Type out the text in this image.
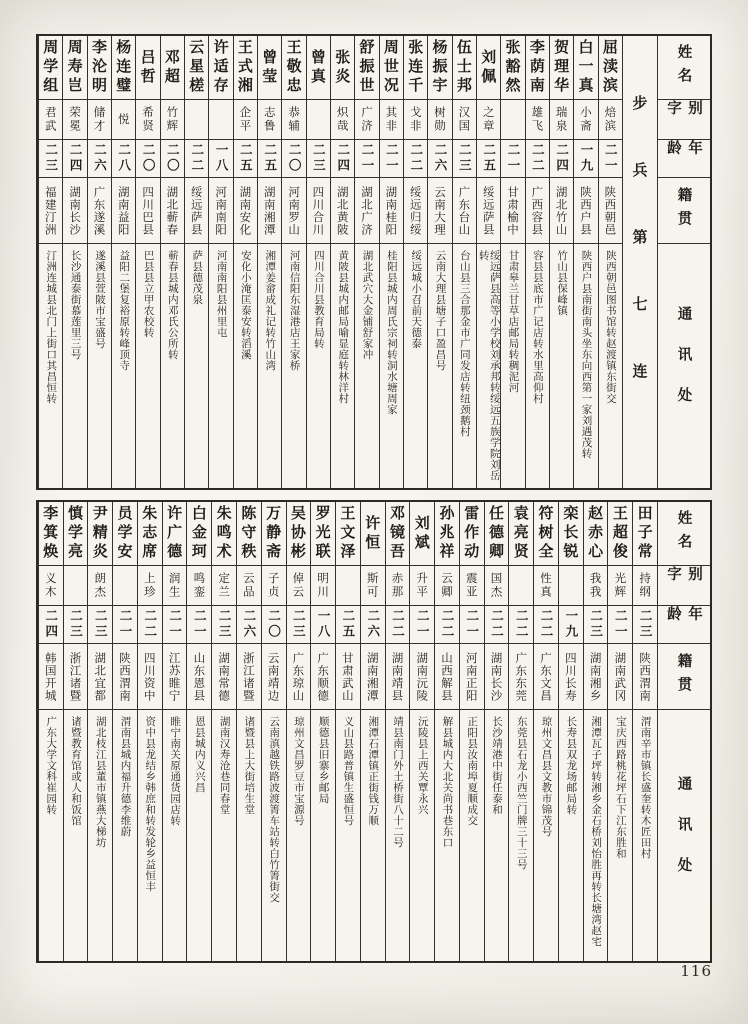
姓名
别字
年龄
籍贯
通讯处
步兵第七连
屈渎滨
焙滨
二一
陕西朝邑
陕西朝邑图书馆转赵渡镇东街交
白一真
小斋
一九
陕西户县
陕西户县南街南头坐东向西第一家刘遇茂转
贺理华
瑞泉
二四
湖北竹山
竹山县保峰镇
李荫南
雄飞
二二
广西容县
容县县底市广记店转水里高仰村
张豁然
二一
甘肃榆中
甘肃皋兰甘草店邮局转稠泥河
刘佩
之章
二五
绥远萨县
绥远萨县高等小学校刘承邦转绥远五族学院刘岳转
伍士邦
汉国
二三
广东台山
台山县三合那金市广同发店转纽颈鹅村
杨振宇
树勋
二六
云南大理
云南大理县塘子口盈昌号
张连千
戈非
二二
绥远归绥
绥远城小召前天德泰
周世况
其非
二一
湖南桂阳
桂阳县城内周氏宗祠转洞水塘周家
舒振世
广济
二一
湖北广济
湖北武穴大金铺舒家冲
张炎
炽哉
二四
湖北黄陂
黄陂县城内邮局喻显庭转林洋村
曾真
二三
四川合川
四川合川县教育局转
王敬忠
恭辅
二〇
河南罗山
河南信阳东湿港店王家桥
曾莹
志鲁
二五
湖南湘潭
湘潭姜畲成礼记转竹山湾
王式湘
企平
二五
湖南安化
安化小淹匡泰安转滔溪
许适存
一八
河南南阳
河南南阳县州里屯
云星槎
二二
绥远萨县
萨县德茂泉
邓超
竹辉
二〇
湖北蕲春
蕲春县城内邓氏公所转
吕哲
希贤
二〇
四川巴县
巴县县立甲农校转
杨连璧
悦
二八
湖南益阳
益阳二堡复裕原转峰顶寺
李沦明
储才
二六
广东遂溪
遂溪县萱陂市宝盛号
周寿岂
荣冕
二四
湖南长沙
长沙通泰街慕莲里三号
周学组
君武
二三
福建汀洲
汀洲连城县北门上街口其昌恒转
姓名
别字
年龄
籍贯
通讯处
田子常
持纲
二三
陕西渭南
渭南辛市镇长盛奎转木匠田村
王超俊
光辉
二一
湖南武冈
宝庆西路桃花坪石下江东胜和
赵赤心
我我
二三
湖南湘乡
湘潭瓦子坪转湘乡金石桥刘怡胜再转长塘湾赵宅
栾长锐
一九
四川长寿
长寿县双龙场邮局转
符树全
性真
二二
广东文昌
琼州文昌县文教市锦茂号
袁亮贤
二二
广东东莞
东莞县石龙小西竺门牌三十三号
任德卿
国杰
二二
湖南长沙
长沙靖港中街任泰和
雷作动
震亚
二一
河南正阳
正阳县汝南埠夏顺成交
孙兆祥
云卿
二二
山西解县
解县城内大北关尚书巷东口
刘斌
升平
二一
湖南沅陵
沅陵县上西关覃永兴
邓镜吾
赤那
二二
湖南靖县
靖县南门外土桥街八十二号
许恒
斯可
二六
湖南湘潭
湘潭石潭镇正街钱万顺
王文泽
二五
甘肃武山
义山县路普镇生盛恒号
罗光联
明川
一八
广东顺德
顺德县旧寨乡邮局
吴协彬
倬云
二三
广东琼山
琼州文昌罗豆市宝源号
万静斋
子贞
二〇
云南靖边
云南滇越铁路波渡箐车站转白竹箐街交
陈守秩
云品
二六
浙江诸暨
诸暨县上大街培生堂
朱鸣术
定兰
二三
湖南常德
湖南汉寿沧巷同春堂
白金珂
鸣銮
二一
山东恩县
恩县城内义兴昌
许广德
润生
二一
江苏睢宁
睢宁南关原通货园店转
朱志席
上珍
二二
四川资中
资中县龙结乡韩庶和转发轮乡益恒丰
员学安
二一
陕西渭南
渭南县城内福升德李维蔚
尹精炎
朗杰
二三
湖北宜都
湖北枝江县董市镇燕大梯坊
慎学亮
二三
浙江诸暨
诸暨教育馆或人和饭馆
李箕焕
义木
二四
韩国开城
广东大学文科崔园转
116
